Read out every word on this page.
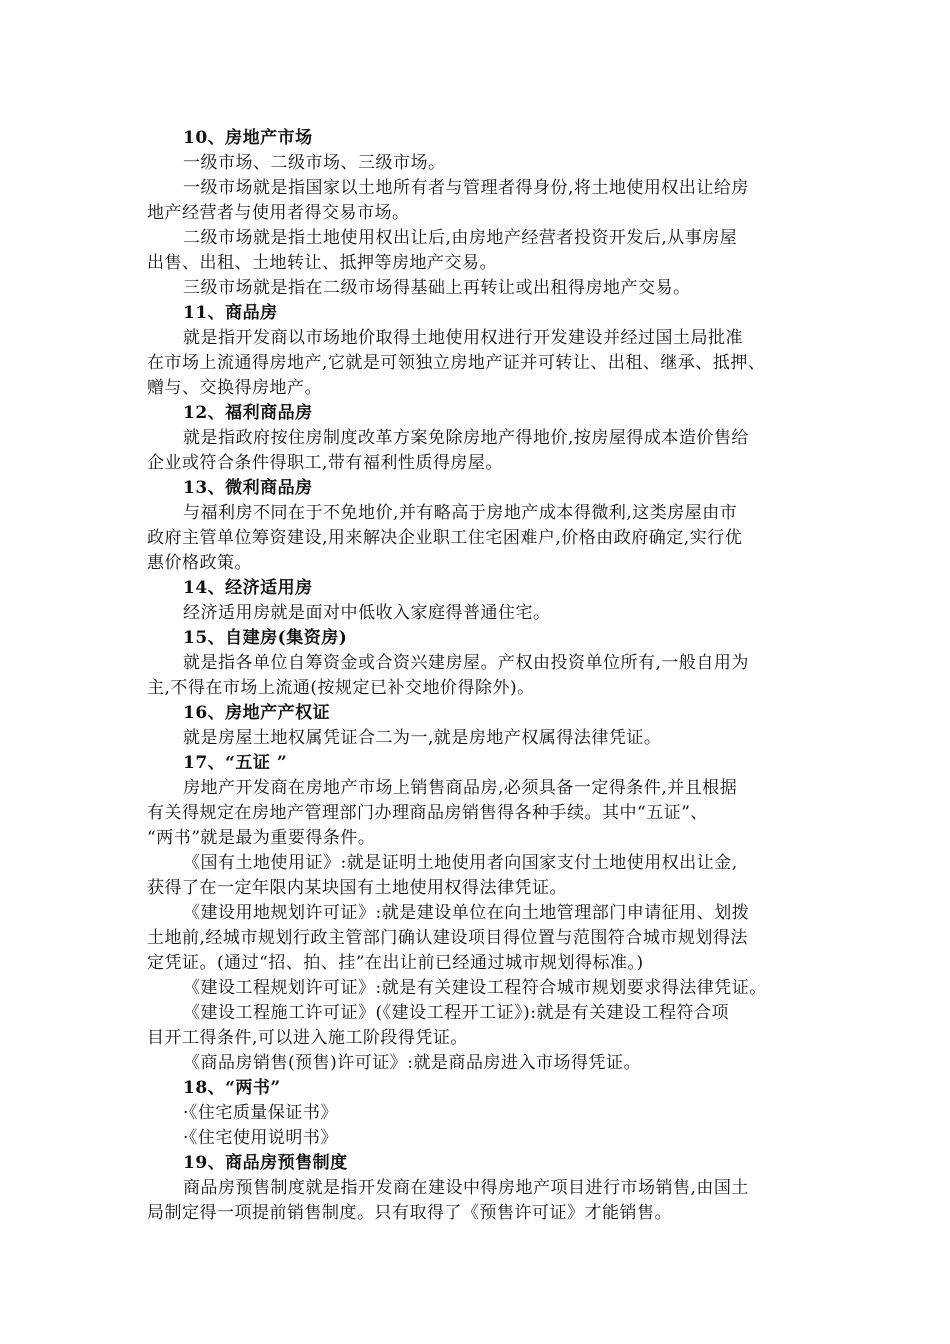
10、房地产市场
一级市场、二级市场、三级市场。
一级市场就是指国家以土地所有者与管理者得身份,将土地使用权出让给房
地产经营者与使用者得交易市场。
二级市场就是指土地使用权出让后,由房地产经营者投资开发后,从事房屋
出售、出租、土地转让、抵押等房地产交易。
三级市场就是指在二级市场得基础上再转让或出租得房地产交易。
11、商品房
就是指开发商以市场地价取得土地使用权进行开发建设并经过国土局批准
在市场上流通得房地产,它就是可领独立房地产证并可转让、出租、继承、抵押、
赠与、交换得房地产。
12、福利商品房
就是指政府按住房制度改革方案免除房地产得地价,按房屋得成本造价售给
企业或符合条件得职工,带有福利性质得房屋。
13、微利商品房
与福利房不同在于不免地价,并有略高于房地产成本得微利,这类房屋由市
政府主管单位筹资建设,用来解决企业职工住宅困难户,价格由政府确定,实行优
惠价格政策。
14、经济适用房
经济适用房就是面对中低收入家庭得普通住宅。
15、自建房(集资房)
就是指各单位自筹资金或合资兴建房屋。产权由投资单位所有,一般自用为
主,不得在市场上流通(按规定已补交地价得除外)。
16、房地产产权证
就是房屋土地权属凭证合二为一,就是房地产权属得法律凭证。
17、“五证 ”
房地产开发商在房地产市场上销售商品房,必须具备一定得条件,并且根据
有关得规定在房地产管理部门办理商品房销售得各种手续。其中“五证”、
“两书”就是最为重要得条件。
《国有土地使用证》:就是证明土地使用者向国家支付土地使用权出让金,
获得了在一定年限内某块国有土地使用权得法律凭证。
《建设用地规划许可证》:就是建设单位在向土地管理部门申请征用、划拨
土地前,经城市规划行政主管部门确认建设项目得位置与范围符合城市规划得法
定凭证。(通过“招、拍、挂”在出让前已经通过城市规划得标准。)
《建设工程规划许可证》:就是有关建设工程符合城市规划要求得法律凭证。
《建设工程施工许可证》(《建设工程开工证》):就是有关建设工程符合项
目开工得条件,可以进入施工阶段得凭证。
《商品房销售(预售)许可证》:就是商品房进入市场得凭证。
18、“两书”
·《住宅质量保证书》
·《住宅使用说明书》
19、商品房预售制度
商品房预售制度就是指开发商在建设中得房地产项目进行市场销售,由国土
局制定得一项提前销售制度。只有取得了《预售许可证》才能销售。
